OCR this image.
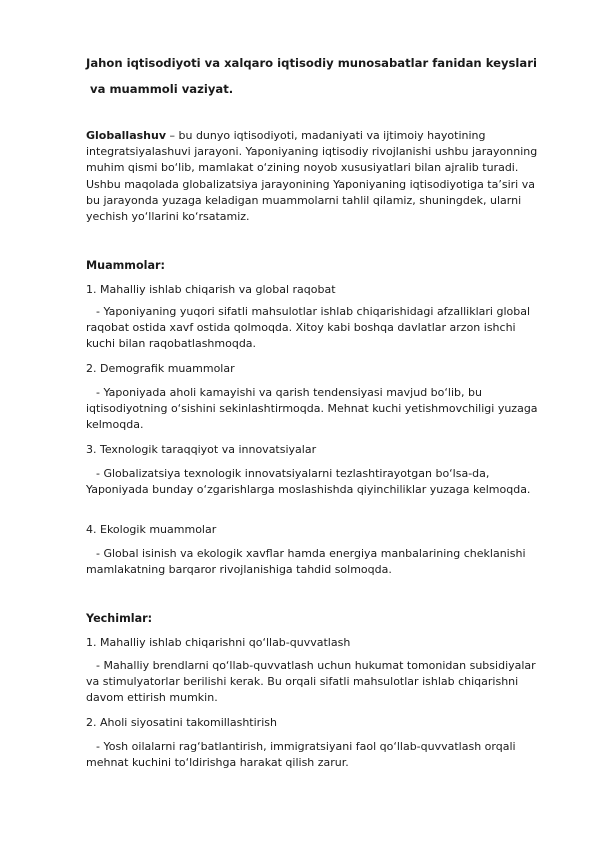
Jahon iqtisodiyoti va xalqaro iqtisodiy munosabatlar fanidan keyslari

va muammoli vaziyat.

Globallashuv – bu dunyo iqtisodiyoti, madaniyati va ijtimoiy hayotining integratsiyalashuvi jarayoni. Yaponiyaning iqtisodiy rivojlanishi ushbu jarayonning muhim qismi bo‘lib, mamlakat o‘zining noyob xususiyatlari bilan ajralib turadi. Ushbu maqolada globalizatsiya jarayonining Yaponiyaning iqtisodiyotiga ta’siri va bu jarayonda yuzaga keladigan muammolarni tahlil qilamiz, shuningdek, ularni yechish yo‘llarini ko‘rsatamiz.

Muammolar:

1. Mahalliy ishlab chiqarish va global raqobat

- Yaponiyaning yuqori sifatli mahsulotlar ishlab chiqarishidagi afzalliklari global raqobat ostida xavf ostida qolmoqda. Xitoy kabi boshqa davlatlar arzon ishchi kuchi bilan raqobatlashmoqda.

2. Demografik muammolar

- Yaponiyada aholi kamayishi va qarish tendensiyasi mavjud bo‘lib, bu iqtisodiyotning o‘sishini sekinlashtirmoqda. Mehnat kuchi yetishmovchiligi yuzaga kelmoqda.

3. Texnologik taraqqiyot va innovatsiyalar

- Globalizatsiya texnologik innovatsiyalarni tezlashtirayotgan bo‘lsa-da, Yaponiyada bunday o‘zgarishlarga moslashishda qiyinchiliklar yuzaga kelmoqda.

4. Ekologik muammolar

- Global isinish va ekologik xavflar hamda energiya manbalarining cheklanishi mamlakatning barqaror rivojlanishiga tahdid solmoqda.

Yechimlar:

1. Mahalliy ishlab chiqarishni qo‘llab-quvvatlash

- Mahalliy brendlarni qo‘llab-quvvatlash uchun hukumat tomonidan subsidiyalar va stimulyatorlar berilishi kerak. Bu orqali sifatli mahsulotlar ishlab chiqarishni davom ettirish mumkin.

2. Aholi siyosatini takomillashtirish

- Yosh oilalarni rag‘batlantirish, immigratsiyani faol qo‘llab-quvvatlash orqali mehnat kuchini to‘ldirishga harakat qilish zarur.
